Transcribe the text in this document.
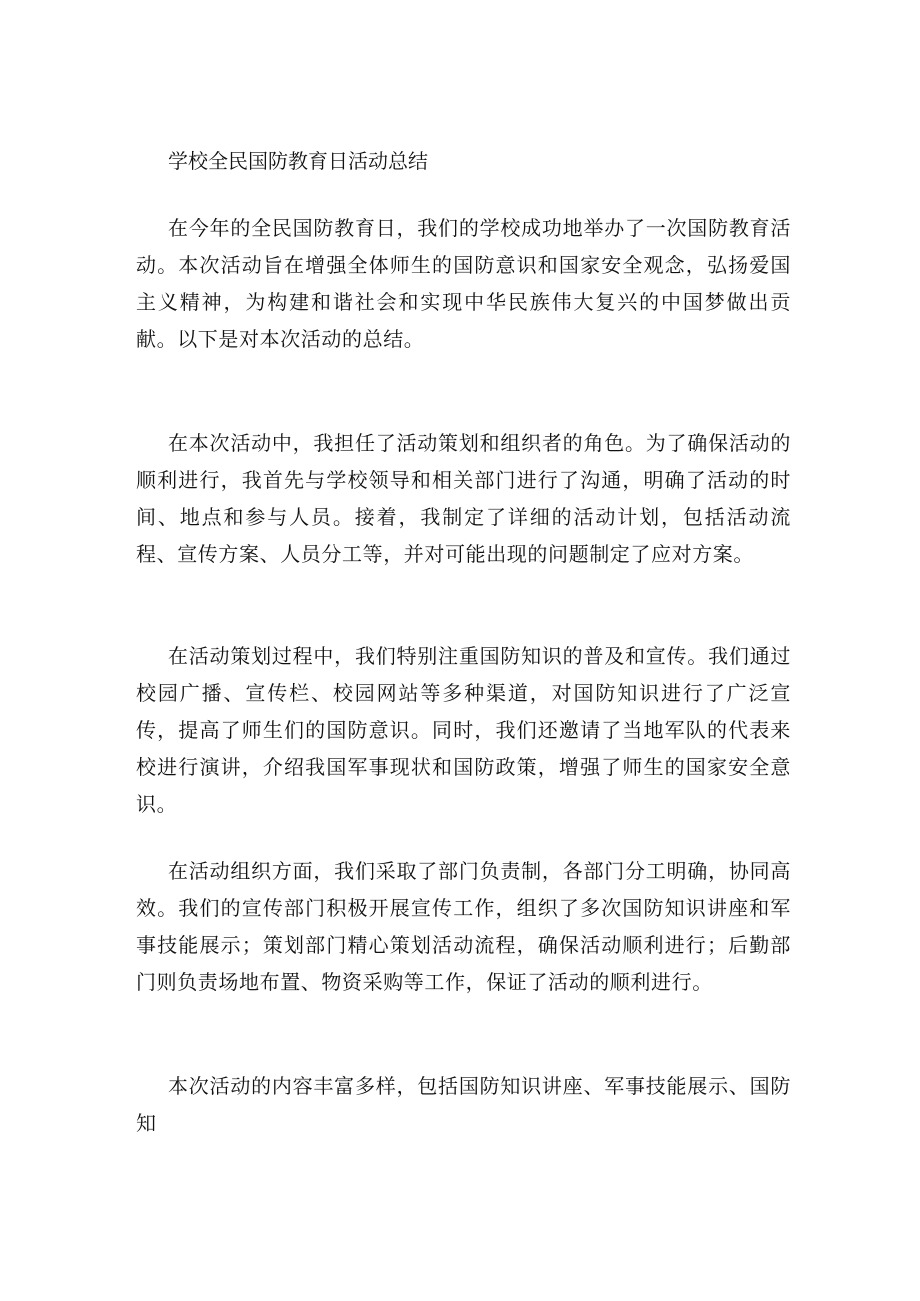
学校全民国防教育日活动总结

在今年的全民国防教育日，我们的学校成功地举办了一次国防教育活动。本次活动旨在增强全体师生的国防意识和国家安全观念，弘扬爱国主义精神，为构建和谐社会和实现中华民族伟大复兴的中国梦做出贡献。以下是对本次活动的总结。

在本次活动中，我担任了活动策划和组织者的角色。为了确保活动的顺利进行，我首先与学校领导和相关部门进行了沟通，明确了活动的时间、地点和参与人员。接着，我制定了详细的活动计划，包括活动流程、宣传方案、人员分工等，并对可能出现的问题制定了应对方案。

在活动策划过程中，我们特别注重国防知识的普及和宣传。我们通过校园广播、宣传栏、校园网站等多种渠道，对国防知识进行了广泛宣传，提高了师生们的国防意识。同时，我们还邀请了当地军队的代表来校进行演讲，介绍我国军事现状和国防政策，增强了师生的国家安全意识。

在活动组织方面，我们采取了部门负责制，各部门分工明确，协同高效。我们的宣传部门积极开展宣传工作，组织了多次国防知识讲座和军事技能展示；策划部门精心策划活动流程，确保活动顺利进行；后勤部门则负责场地布置、物资采购等工作，保证了活动的顺利进行。

本次活动的内容丰富多样，包括国防知识讲座、军事技能展示、国防知
